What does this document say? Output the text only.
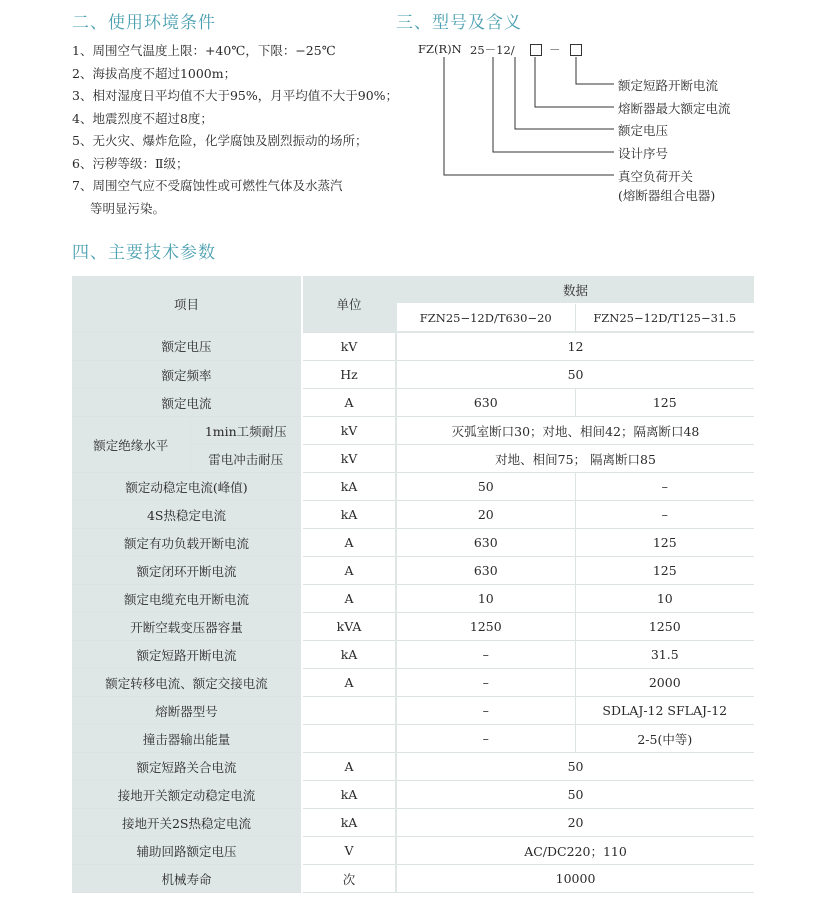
二、使用环境条件	三、型号及含义
四、主要技术参数
1、周围空气温度上限：+40℃，下限：−25℃
2、海拔高度不超过1000m；
3、相对湿度日平均值不大于95%，月平均值不大于90%；
4、地震烈度不超过8度；
5、无火灾、爆炸危险，化学腐蚀及剧烈振动的场所；
6、污秽等级：Ⅱ级；
7、周围空气应不受腐蚀性或可燃性气体及水蒸汽
等明显污染。
FZ(R)N 25－12/	－
额定短路开断电流
熔断器最大额定电流
额定电压
设计序号
真空负荷开关
(熔断器组合电器)
项目		单位	数据	
			FZN25−12D/T630−20	FZN25−12D/T125−31.5
额定电压		kV	12	
额定频率		Hz	50	
额定电流		A	630	125
额定绝缘水平	1min工频耐压	kV	灭弧室断口30；对地、相间42；隔离断口48	
	雷电冲击耐压	kV	对地、相间75； 隔离断口85	
额定动稳定电流(峰值)		kA	50	–
4S热稳定电流		kA	20	–
额定有功负载开断电流		A	630	125
额定闭环开断电流		A	630	125
额定电缆充电开断电流		A	10	10
开断空载变压器容量		kVA	1250	1250
额定短路开断电流		kA	–	31.5
额定转移电流、额定交接电流		A	–	2000
熔断器型号			–	SDLAJ-12 SFLAJ-12
撞击器输出能量			–	2-5(中等)
额定短路关合电流		A	50	
接地开关额定动稳定电流		kA	50	
接地开关2S热稳定电流		kA	20	
辅助回路额定电压		V	AC/DC220；110	
机械寿命		次	10000	
